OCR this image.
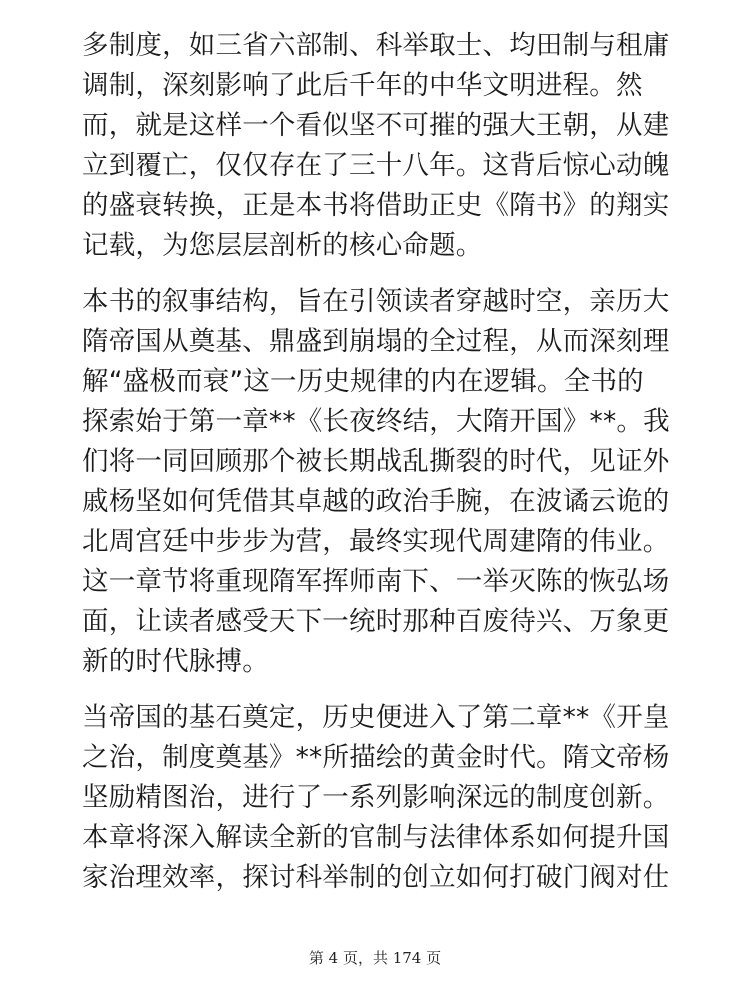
多制度，如三省六部制、科举取士、均田制与租庸
调制，深刻影响了此后千年的中华文明进程。然
而，就是这样一个看似坚不可摧的强大王朝，从建
立到覆亡，仅仅存在了三十八年。这背后惊心动魄
的盛衰转换，正是本书将借助正史《隋书》的翔实
记载，为您层层剖析的核心命题。
本书的叙事结构，旨在引领读者穿越时空，亲历大
隋帝国从奠基、鼎盛到崩塌的全过程，从而深刻理
解“盛极而衰”这一历史规律的内在逻辑。全书的
探索始于第一章**《长夜终结，大隋开国》**。我
们将一同回顾那个被长期战乱撕裂的时代，见证外
戚杨坚如何凭借其卓越的政治手腕，在波谲云诡的
北周宫廷中步步为营，最终实现代周建隋的伟业。
这一章节将重现隋军挥师南下、一举灭陈的恢弘场
面，让读者感受天下一统时那种百废待兴、万象更
新的时代脉搏。
当帝国的基石奠定，历史便进入了第二章**《开皇
之治，制度奠基》**所描绘的黄金时代。隋文帝杨
坚励精图治，进行了一系列影响深远的制度创新。
本章将深入解读全新的官制与法律体系如何提升国
家治理效率，探讨科举制的创立如何打破门阀对仕
第 4 页，共 174 页
